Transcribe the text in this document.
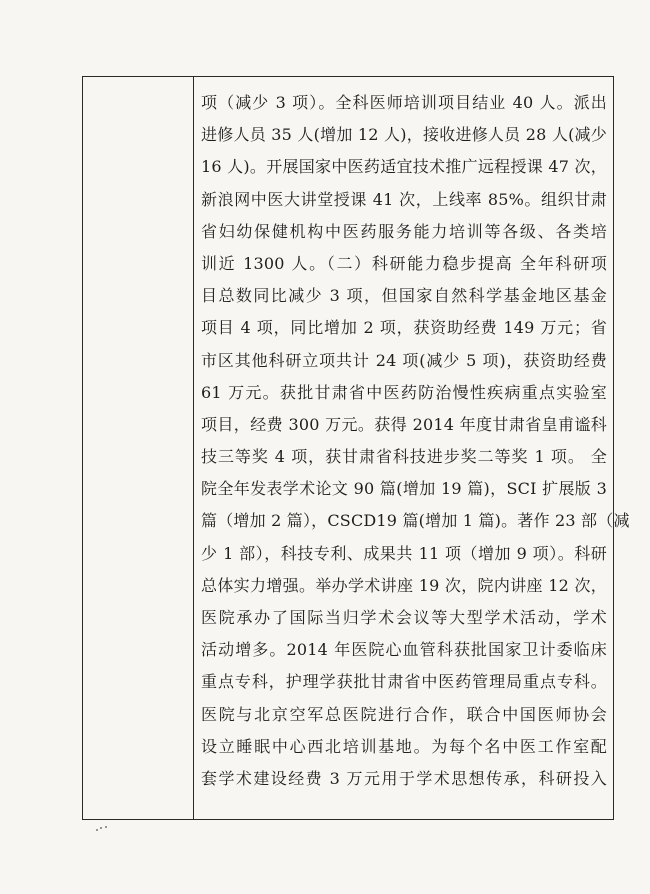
项（减少 3 项）。全科医师培训项目结业 40 人。派出
进修人员 35 人(增加 12 人)，接收进修人员 28 人(减少
16 人)。开展国家中医药适宜技术推广远程授课 47 次，
新浪网中医大讲堂授课 41 次，上线率 85%。组织甘肃
省妇幼保健机构中医药服务能力培训等各级、各类培
训近 1300 人。（二）科研能力稳步提高 全年科研项
目总数同比减少 3 项，但国家自然科学基金地区基金
项目 4 项，同比增加 2 项，获资助经费 149 万元；省
市区其他科研立项共计 24 项(减少 5 项)，获资助经费
61 万元。获批甘肃省中医药防治慢性疾病重点实验室
项目，经费 300 万元。获得 2014 年度甘肃省皇甫谧科
技三等奖 4 项，获甘肃省科技进步奖二等奖 1 项。 全
院全年发表学术论文 90 篇(增加 19 篇)，SCI 扩展版 3
篇（增加 2 篇），CSCD19 篇(增加 1 篇)。著作 23 部（减
少 1 部），科技专利、成果共 11 项（增加 9 项）。科研
总体实力增强。举办学术讲座 19 次，院内讲座 12 次，
医院承办了国际当归学术会议等大型学术活动，学术
活动增多。2014 年医院心血管科获批国家卫计委临床
重点专科，护理学获批甘肃省中医药管理局重点专科。
医院与北京空军总医院进行合作，联合中国医师协会
设立睡眠中心西北培训基地。为每个名中医工作室配
套学术建设经费 3 万元用于学术思想传承，科研投入
